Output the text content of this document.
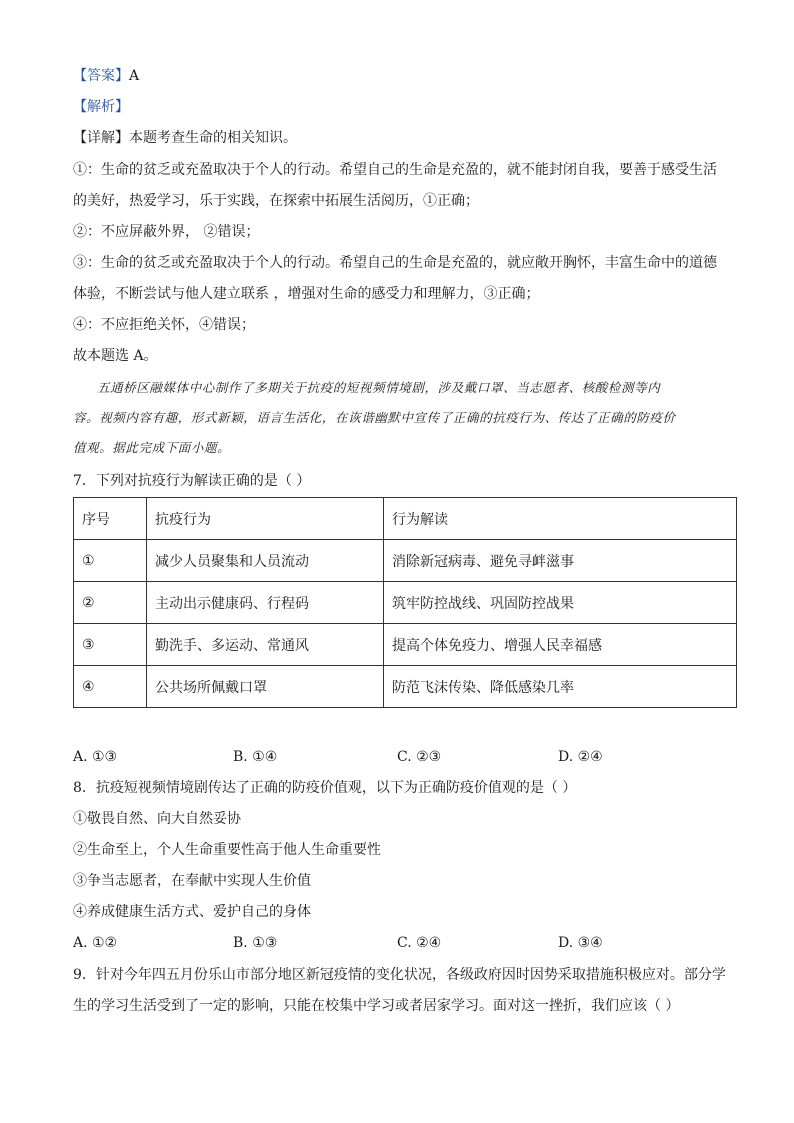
【答案】A
【解析】
【详解】本题考查生命的相关知识。
①：生命的贫乏或充盈取决于个人的行动。希望自己的生命是充盈的，就不能封闭自我，要善于感受生活
的美好，热爱学习，乐于实践，在探索中拓展生活阅历，①正确；
②：不应屏蔽外界， ②错误；
③：生命的贫乏或充盈取决于个人的行动。希望自己的生命是充盈的，就应敞开胸怀，丰富生命中的道德
体验，不断尝试与他人建立联系 ，增强对生命的感受力和理解力，③正确；
④：不应拒绝关怀，④错误；
故本题选 A。
五通桥区融媒体中心制作了多期关于抗疫的短视频情境剧，涉及戴口罩、当志愿者、核酸检测等内
容。视频内容有趣，形式新颖，语言生活化，在诙谐幽默中宣传了正确的抗疫行为、传达了正确的防疫价
值观。据此完成下面小题。
7．下列对抗疫行为解读正确的是（ ）
序号	抗疫行为	行为解读
①	减少人员聚集和人员流动	消除新冠病毒、避免寻衅滋事
②	主动出示健康码、行程码	筑牢防控战线、巩固防控战果
③	勤洗手、多运动、常通风	提高个体免疫力、增强人民幸福感
④	公共场所佩戴口罩	防范飞沫传染、降低感染几率
A. ①③	B. ①④	C. ②③	D. ②④
8．抗疫短视频情境剧传达了正确的防疫价值观，以下为正确防疫价值观的是（ ）
①敬畏自然、向大自然妥协
②生命至上，个人生命重要性高于他人生命重要性
③争当志愿者，在奉献中实现人生价值
④养成健康生活方式、爱护自己的身体
A. ①②	B. ①③	C. ②④	D. ③④
9．针对今年四五月份乐山市部分地区新冠疫情的变化状况，各级政府因时因势采取措施积极应对。部分学
生的学习生活受到了一定的影响，只能在校集中学习或者居家学习。面对这一挫折，我们应该（ ）
